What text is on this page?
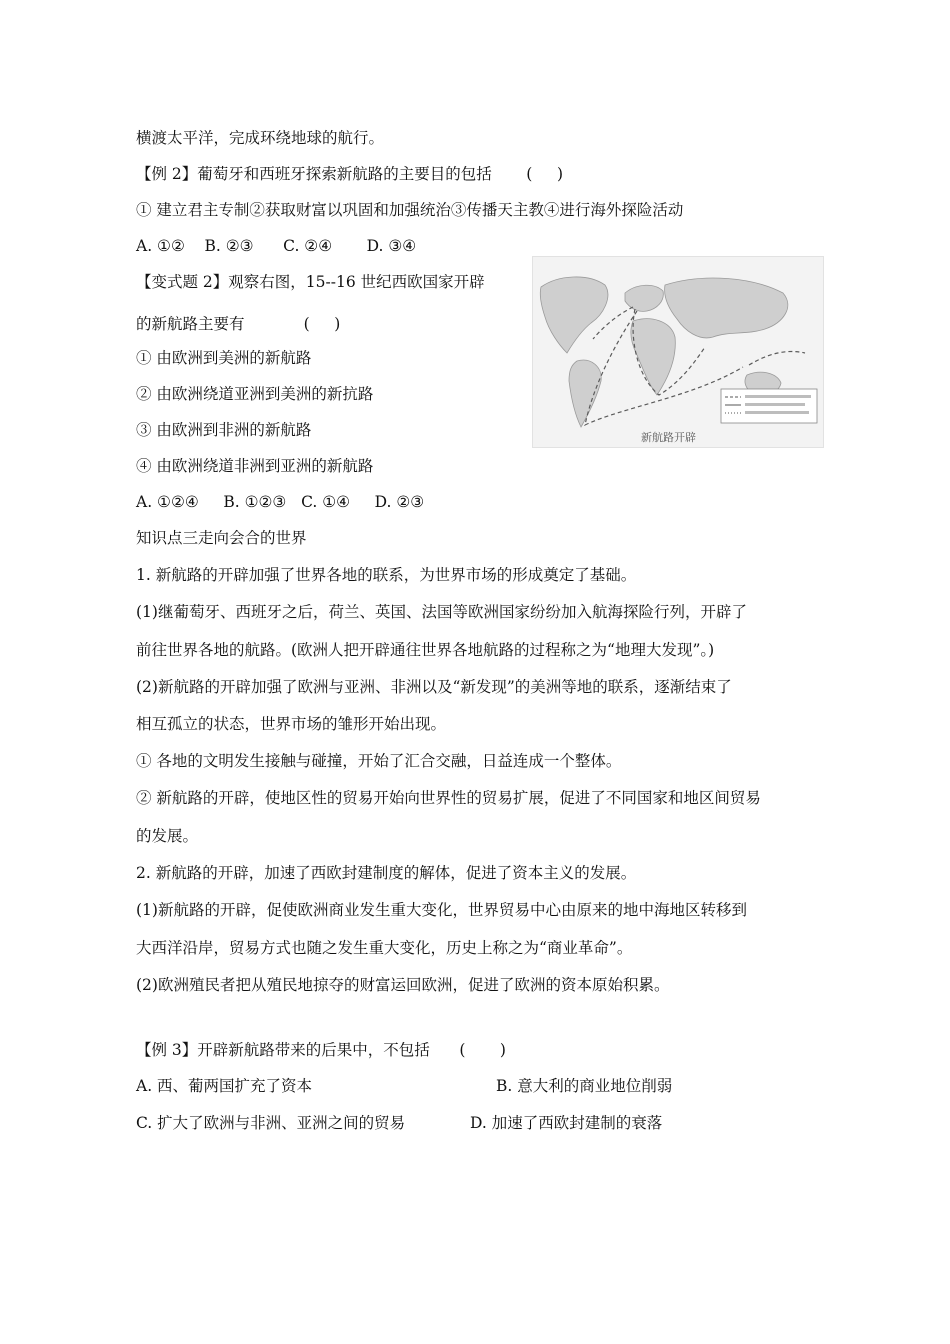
横渡太平洋，完成环绕地球的航行。
【例 2】葡萄牙和西班牙探索新航路的主要目的包括       (     )
① 建立君主专制②获取财富以巩固和加强统治③传播天主教④进行海外探险活动
A. ①②    B. ②③      C. ②④       D. ③④
【变式题 2】观察右图，15--16 世纪西欧国家开辟
的新航路主要有            (     )
① 由欧洲到美洲的新航路
② 由欧洲绕道亚洲到美洲的新抗路
③ 由欧洲到非洲的新航路
④ 由欧洲绕道非洲到亚洲的新航路
A. ①②④     B. ①②③   C. ①④     D. ②③
知识点三走向会合的世界
1. 新航路的开辟加强了世界各地的联系，为世界市场的形成奠定了基础。
(1)继葡萄牙、西班牙之后，荷兰、英国、法国等欧洲国家纷纷加入航海探险行列，开辟了
前往世界各地的航路。(欧洲人把开辟通往世界各地航路的过程称之为“地理大发现”。)
(2)新航路的开辟加强了欧洲与亚洲、非洲以及“新发现”的美洲等地的联系，逐渐结束了
相互孤立的状态，世界市场的雏形开始出现。
① 各地的文明发生接触与碰撞，开始了汇合交融，日益连成一个整体。
② 新航路的开辟，使地区性的贸易开始向世界性的贸易扩展，促进了不同国家和地区间贸易
的发展。
2. 新航路的开辟，加速了西欧封建制度的解体，促进了资本主义的发展。
(1)新航路的开辟，促使欧洲商业发生重大变化，世界贸易中心由原来的地中海地区转移到
大西洋沿岸，贸易方式也随之发生重大变化，历史上称之为“商业革命”。
(2)欧洲殖民者把从殖民地掠夺的财富运回欧洲，促进了欧洲的资本原始积累。
【例 3】开辟新航路带来的后果中，不包括      (       )
A. 西、葡两国扩充了资本	B. 意大利的商业地位削弱
C. 扩大了欧洲与非洲、亚洲之间的贸易	D. 加速了西欧封建制的衰落
新航路开辟
